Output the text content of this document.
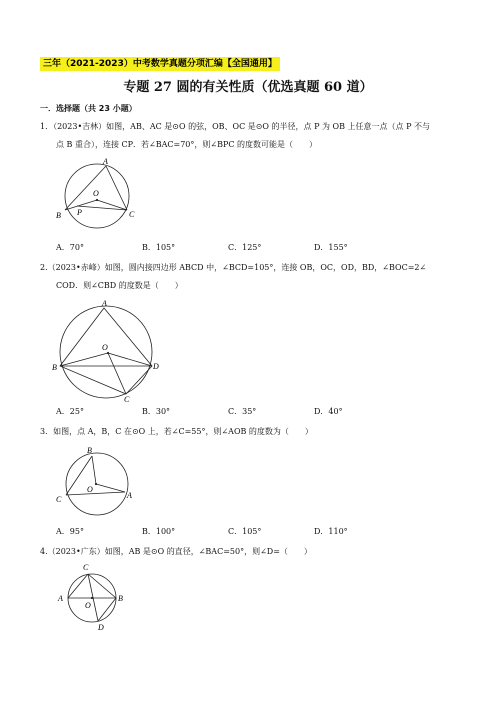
三年（2021-2023）中考数学真题分项汇编【全国通用】
专题 27 圆的有关性质（优选真题 60 道）
一．选择题（共 23 小题）
1．（2023•吉林）如图，AB、AC 是⊙O 的弦，OB、OC 是⊙O 的半径，点 P 为 OB 上任意一点（点 P 不与
点 B 重合），连接 CP．若∠BAC=70°，则∠BPC 的度数可能是（　　）
A
O
B P	C
A．70°	B．105°	C．125°	D．155°
2.（2023•赤峰）如图，圆内接四边形 ABCD 中，∠BCD=105°，连接 OB，OC，OD，BD，∠BOC=2∠
COD．则∠CBD 的度数是（　　）
A
O
B	D
C
A．25°	B．30°	C．35°	D．40°
3．如图，点 A，B，C 在⊙O 上，若∠C=55°，则∠AOB 的度数为（　　）
B
O
C	A
A．95°	B．100°	C．105°	D．110°
4.（2023•广东）如图，AB 是⊙O 的直径，∠BAC=50°，则∠D=（　　）
C
A
O
B
D
